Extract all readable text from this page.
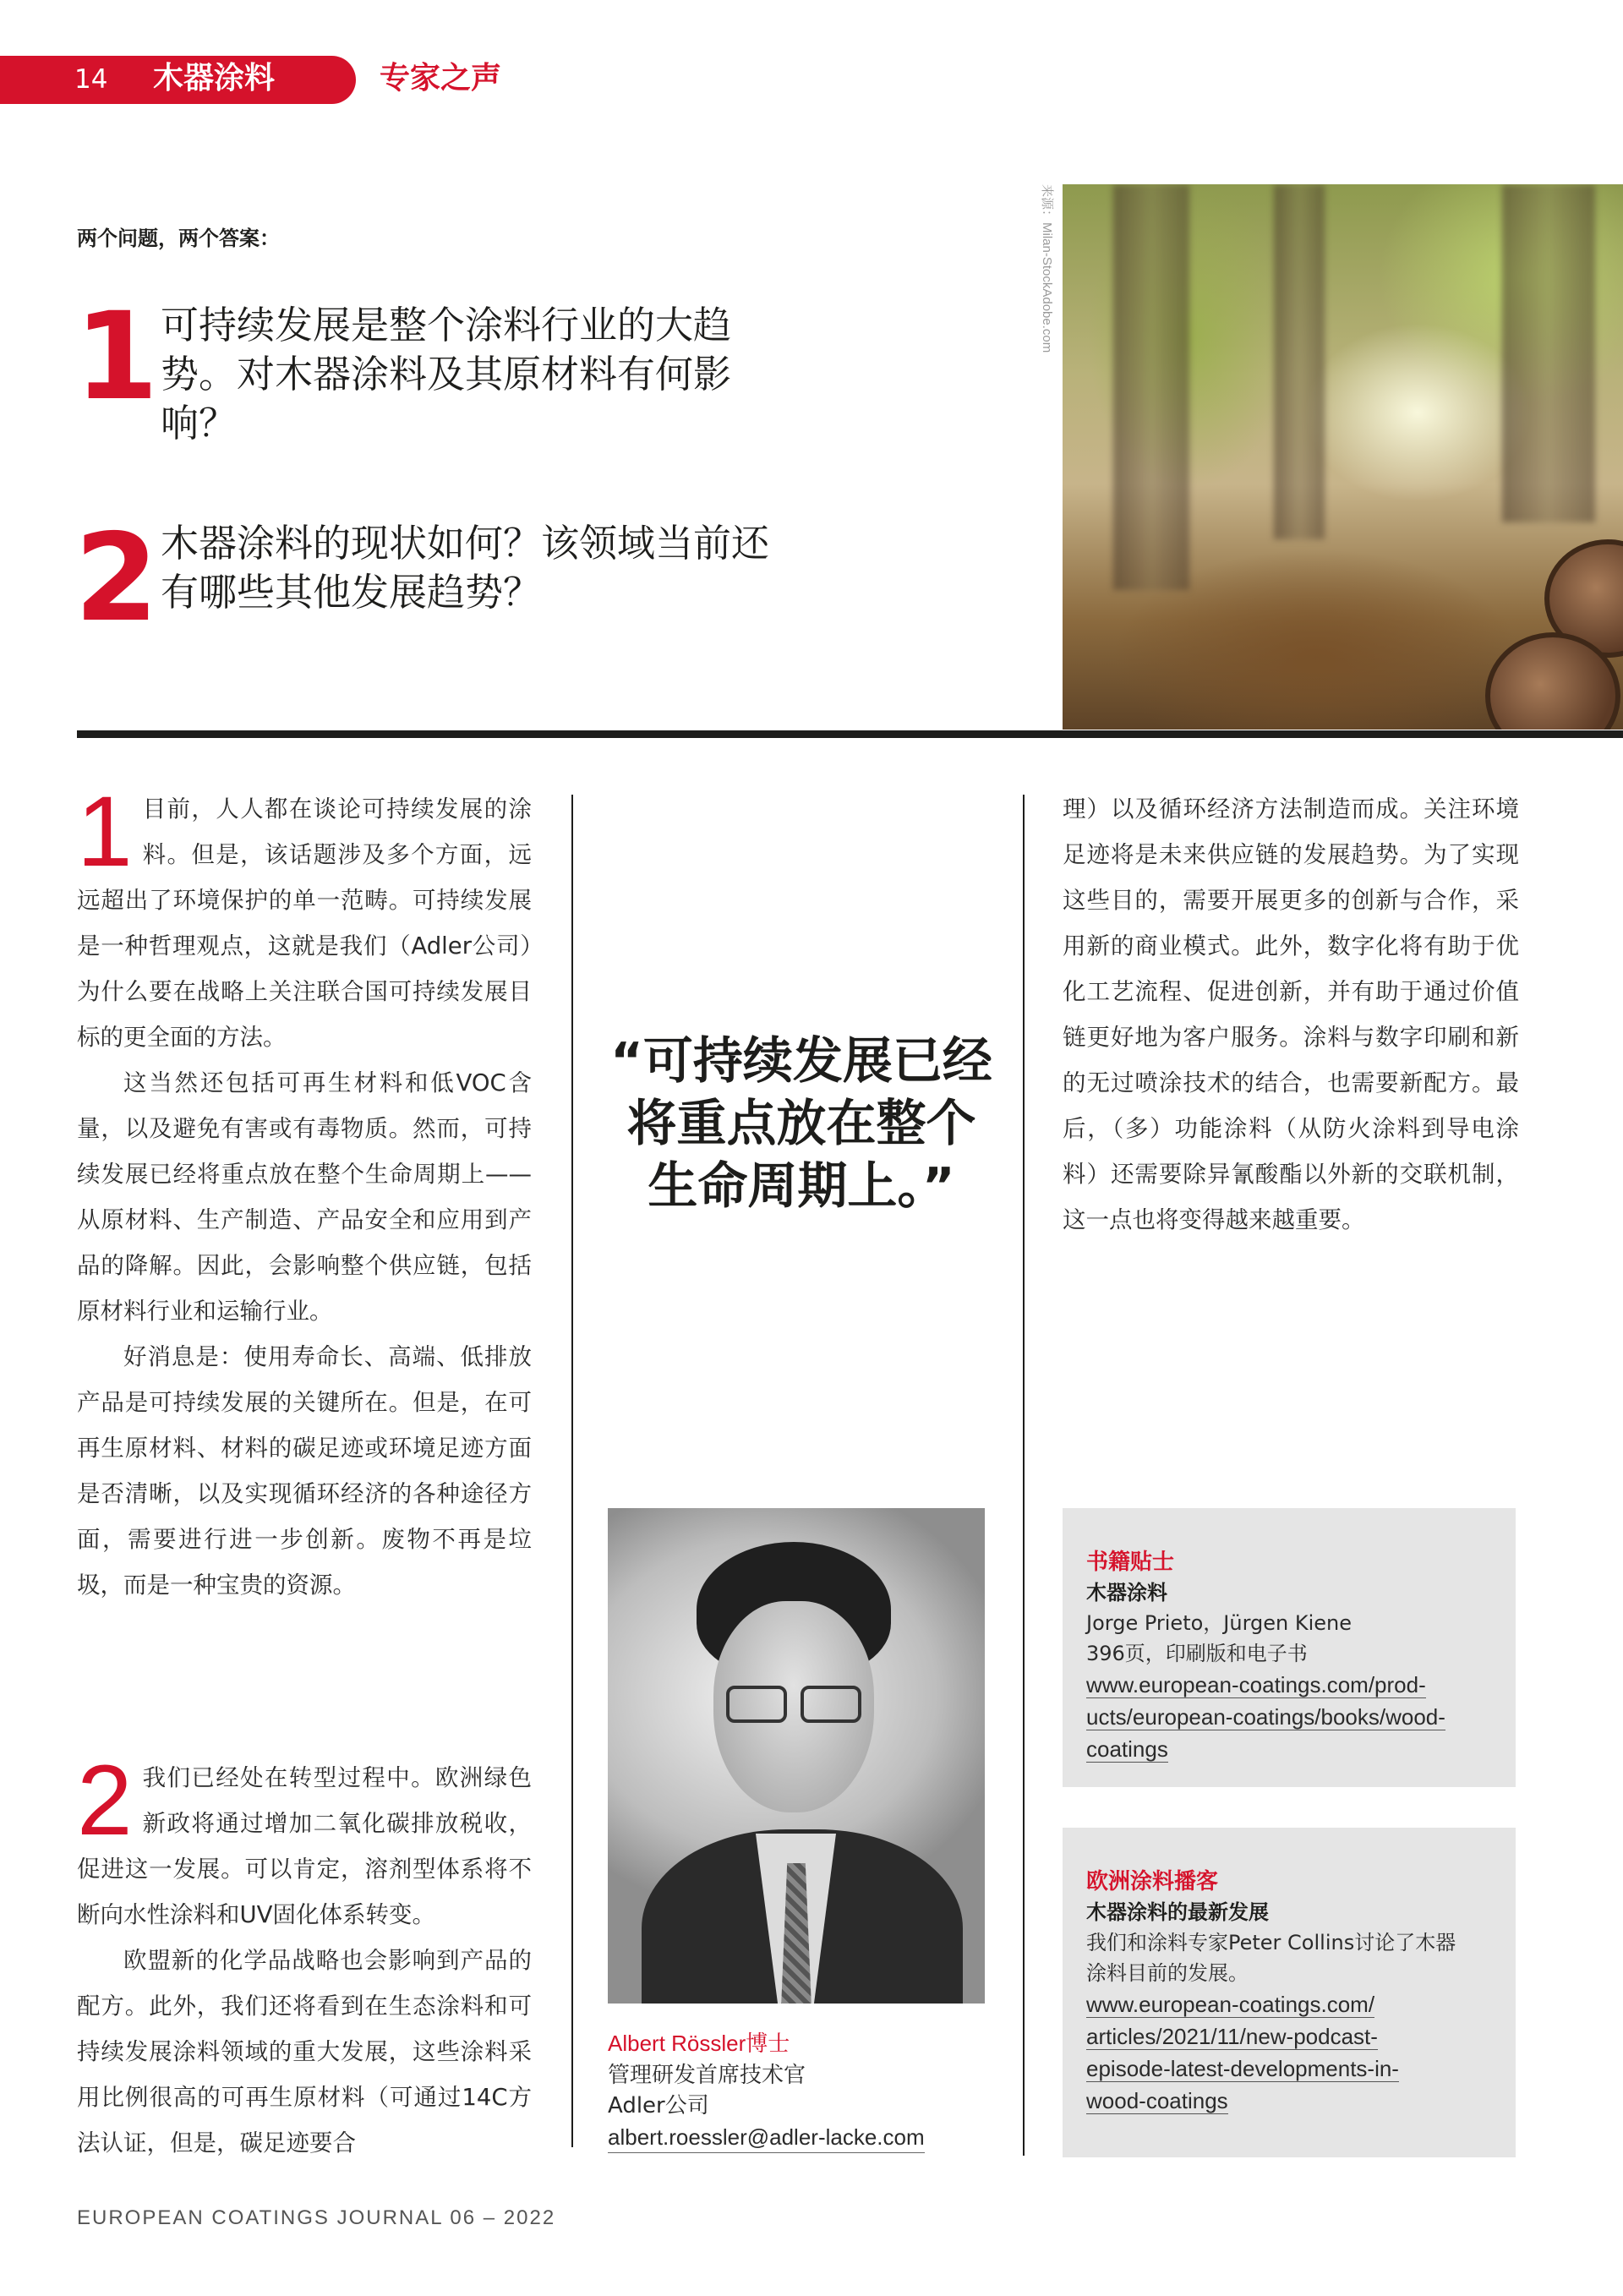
14 木器涂料	专家之声
两个问题，两个答案：
1 可持续发展是整个涂料行业的大趋势。对木器涂料及其原材料有何影响？
2 木器涂料的现状如何？该领域当前还有哪些其他发展趋势？
来源：Milan-StockAdobe.com
1 目前，人人都在谈论可持续发展的涂料。但是，该话题涉及多个方面，远远超出了环境保护的单一范畴。可持续发展是一种哲理观点，这就是我们（Adler公司）为什么要在战略上关注联合国可持续发展目标的更全面的方法。

这当然还包括可再生材料和低VOC含量，以及避免有害或有毒物质。然而，可持续发展已经将重点放在整个生命周期上——从原材料、生产制造、产品安全和应用到产品的降解。因此，会影响整个供应链，包括原材料行业和运输行业。

好消息是：使用寿命长、高端、低排放产品是可持续发展的关键所在。但是，在可再生原材料、材料的碳足迹或环境足迹方面是否清晰，以及实现循环经济的各种途径方面，需要进行进一步创新。废物不再是垃圾，而是一种宝贵的资源。

2 我们已经处在转型过程中。欧洲绿色新政将通过增加二氧化碳排放税收，促进这一发展。可以肯定，溶剂型体系将不断向水性涂料和UV固化体系转变。

欧盟新的化学品战略也会影响到产品的配方。此外，我们还将看到在生态涂料和可持续发展涂料领域的重大发展，这些涂料采用比例很高的可再生原材料（可通过14C方法认证，但是，碳足迹要合

“可持续发展已经将重点放在整个生命周期上。”

理）以及循环经济方法制造而成。关注环境足迹将是未来供应链的发展趋势。为了实现这些目的，需要开展更多的创新与合作，采用新的商业模式。此外，数字化将有助于优化工艺流程、促进创新，并有助于通过价值链更好地为客户服务。涂料与数字印刷和新的无过喷涂技术的结合，也需要新配方。最后，（多）功能涂料（从防火涂料到导电涂料）还需要除异氰酸酯以外新的交联机制，这一点也将变得越来越重要。

Albert Rössler博士
管理研发首席技术官
Adler公司
albert.roessler@adler-lacke.com
书籍贴士
木器涂料
Jorge Prieto，Jürgen Kiene
396页，印刷版和电子书
www.european-coatings.com/prod-
ucts/european-coatings/books/wood-
coatings
欧洲涂料播客
木器涂料的最新发展
我们和涂料专家Peter Collins讨论了木器
涂料目前的发展。
www.european-coatings.com/
articles/2021/11/new-podcast-
episode-latest-developments-in-
wood-coatings
EUROPEAN COATINGS JOURNAL 06 – 2022
